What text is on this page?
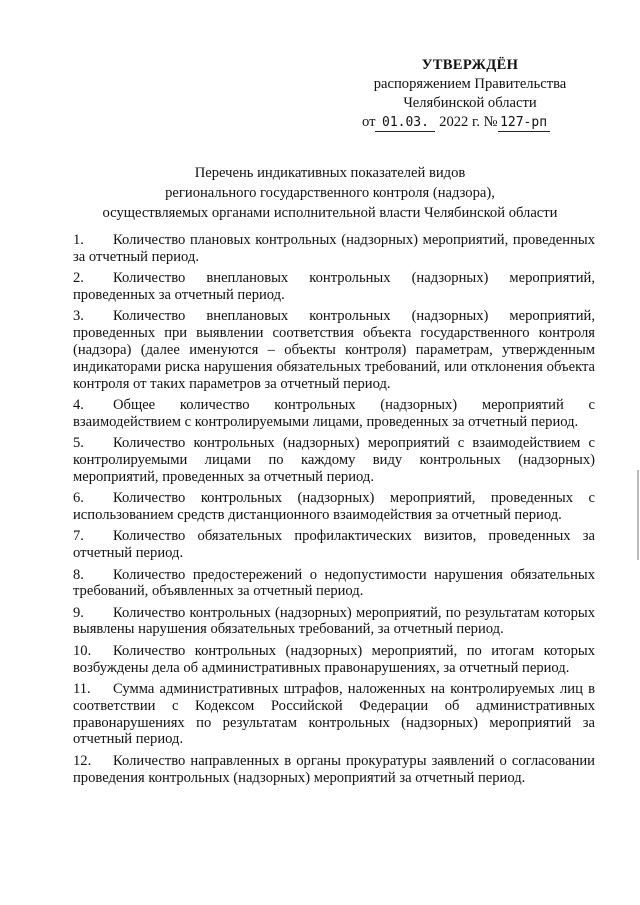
УТВЕРЖДЁН
распоряжением Правительства
Челябинской области
от 01.03. 2022 г. № 127-рп
Перечень индикативных показателей видов
регионального государственного контроля (надзора),
осуществляемых органами исполнительной власти Челябинской области

1. Количество плановых контрольных (надзорных) мероприятий, проведенных за отчетный период.

2. Количество внеплановых контрольных (надзорных) мероприятий, проведенных за отчетный период.

3. Количество внеплановых контрольных (надзорных) мероприятий, проведенных при выявлении соответствия объекта государственного контроля (надзора) (далее именуются – объекты контроля) параметрам, утвержденным индикаторами риска нарушения обязательных требований, или отклонения объекта контроля от таких параметров за отчетный период.

4. Общее количество контрольных (надзорных) мероприятий с взаимодействием с контролируемыми лицами, проведенных за отчетный период.

5. Количество контрольных (надзорных) мероприятий с взаимодействием с контролируемыми лицами по каждому виду контрольных (надзорных) мероприятий, проведенных за отчетный период.

6. Количество контрольных (надзорных) мероприятий, проведенных с использованием средств дистанционного взаимодействия за отчетный период.

7. Количество обязательных профилактических визитов, проведенных за отчетный период.

8. Количество предостережений о недопустимости нарушения обязательных требований, объявленных за отчетный период.

9. Количество контрольных (надзорных) мероприятий, по результатам которых выявлены нарушения обязательных требований, за отчетный период.

10. Количество контрольных (надзорных) мероприятий, по итогам которых возбуждены дела об административных правонарушениях, за отчетный период.

11. Сумма административных штрафов, наложенных на контролируемых лиц в соответствии с Кодексом Российской Федерации об административных правонарушениях по результатам контрольных (надзорных) мероприятий за отчетный период.

12. Количество направленных в органы прокуратуры заявлений о согласовании проведения контрольных (надзорных) мероприятий за отчетный период.
